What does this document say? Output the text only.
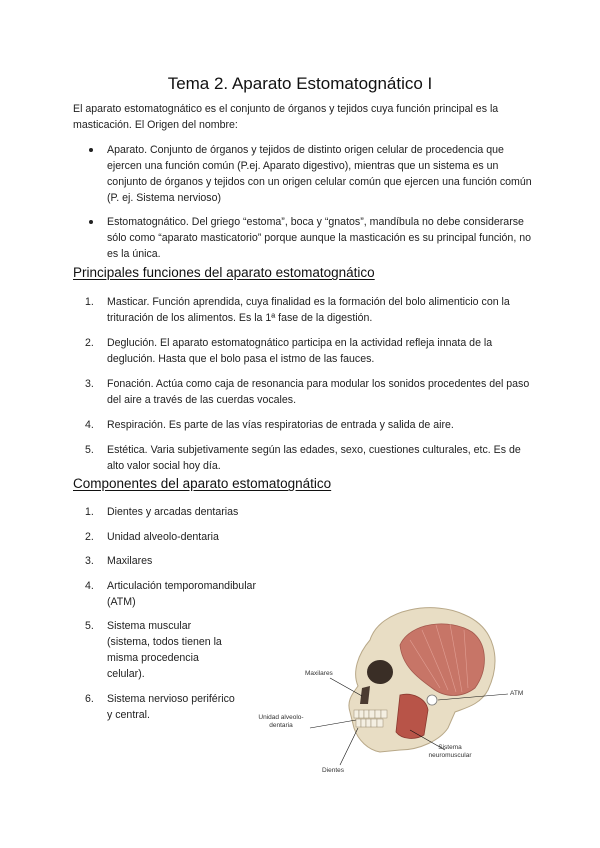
Tema 2. Aparato Estomatognático I

El aparato estomatognático es el conjunto de órganos y tejidos cuya función principal es la masticación. El Origen del nombre:

Aparato. Conjunto de órganos y tejidos de distinto origen celular de procedencia que ejercen una función común (P.ej. Aparato digestivo), mientras que un sistema es un conjunto de órganos y tejidos con un origen celular común que ejercen una función común (P. ej. Sistema nervioso)
Estomatognático. Del griego “estoma”, boca y “gnatos”, mandíbula no debe considerarse sólo como “aparato masticatorio” porque aunque la masticación es su principal función, no es la única.
Principales funciones del aparato estomatognático
1. Masticar. Función aprendida, cuya finalidad es la formación del bolo alimenticio con la trituración de los alimentos. Es la 1ª fase de la digestión.
2. Deglución. El aparato estomatognático participa en la actividad refleja innata de la deglución. Hasta que el bolo pasa el istmo de las fauces.
3. Fonación. Actúa como caja de resonancia para modular los sonidos procedentes del paso del aire a través de las cuerdas vocales.
4. Respiración. Es parte de las vías respiratorias de entrada y salida de aire.
5. Estética. Varia subjetivamente según las edades, sexo, cuestiones culturales, etc. Es de alto valor social hoy día.
Componentes del aparato estomatognático
1. Dientes y arcadas dentarias
2. Unidad alveolo-dentaria
3. Maxilares
4. Articulación temporomandibular (ATM)
5. Sistema muscular (sistema, todos tienen la misma procedencia celular).
6. Sistema nervioso periférico y central.
Maxilares
ATM
Unidad alveolo-dentaria
Sistema neuromuscular
Dientes
